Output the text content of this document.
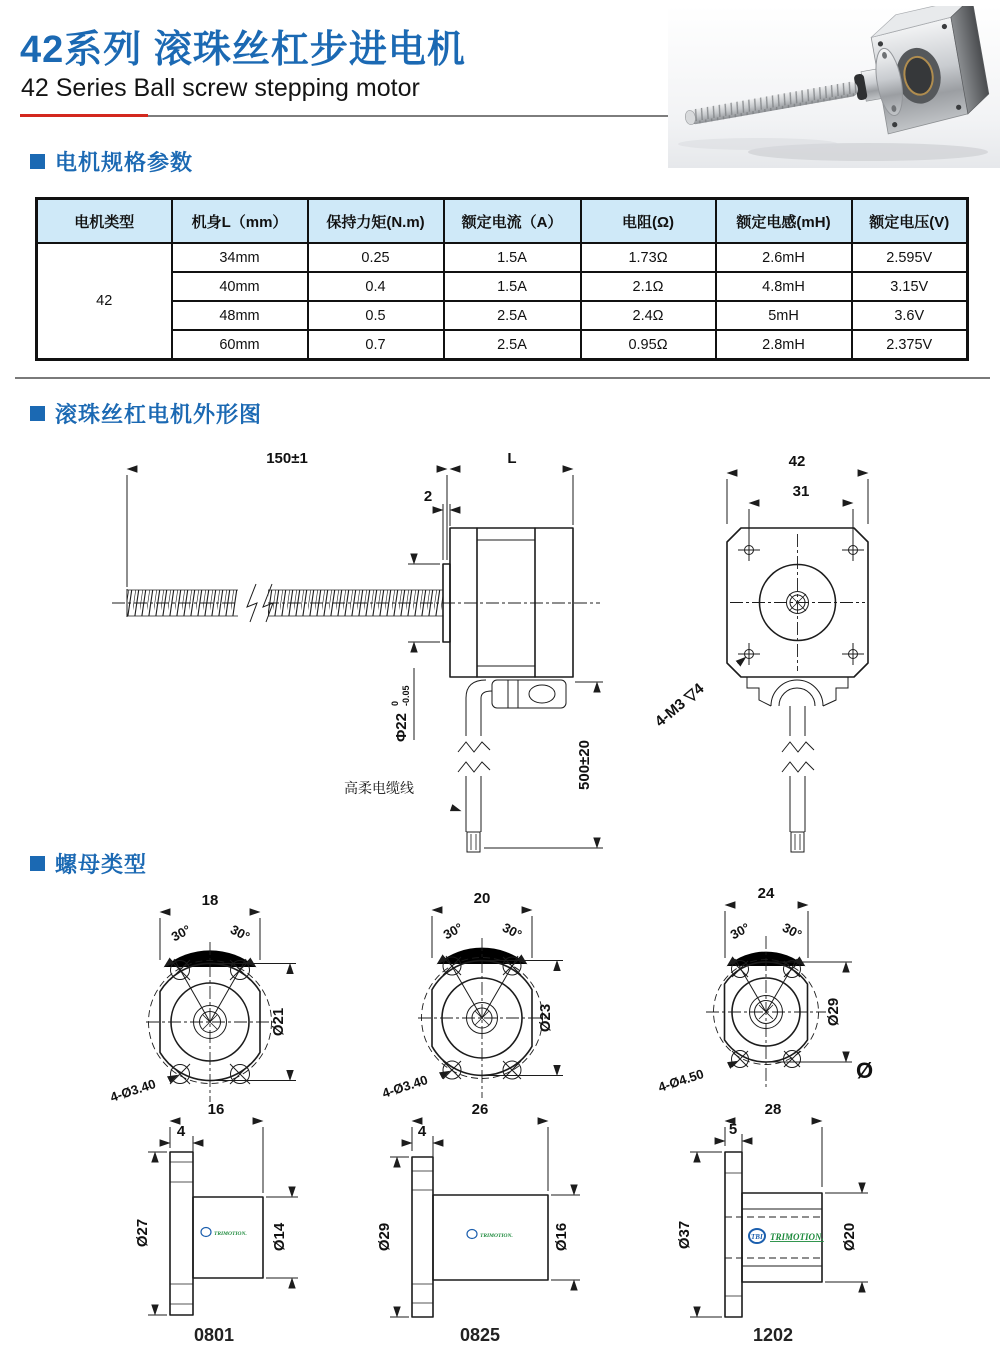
42系列 滚珠丝杠步进电机
42 Series Ball screw stepping motor
电机规格参数
电机类型	机身L（mm）	保持力矩(N.m)	额定电流（A）	电阻(Ω)	额定电感(mH)	额定电压(V)
42	34mm	0.25	1.5A	1.73Ω	2.6mH	2.595V
	40mm	0.4	1.5A	2.1Ω	4.8mH	3.15V
	48mm	0.5	2.5A	2.4Ω	5mH	3.6V
	60mm	0.7	2.5A	0.95Ω	2.8mH	2.375V
滚珠丝杠电机外形图
150±1	L
2
Φ22
0 -0.05
高柔电缆线	500±20
42
31
4-M3 ▽4
螺母类型
18
30°	30°
Ø21
4-Ø3.40
16
4
Ø27	Ø14
TRIMOTION.
0801
20
30°	30°
Ø23
4-Ø3.40
26
4
Ø29	Ø16
TRIMOTION.
0825
24
30° 30°
Ø29
Ø
4-Ø4.50
28
5
Ø37	Ø20
TBI TRIMOTION.
1202
